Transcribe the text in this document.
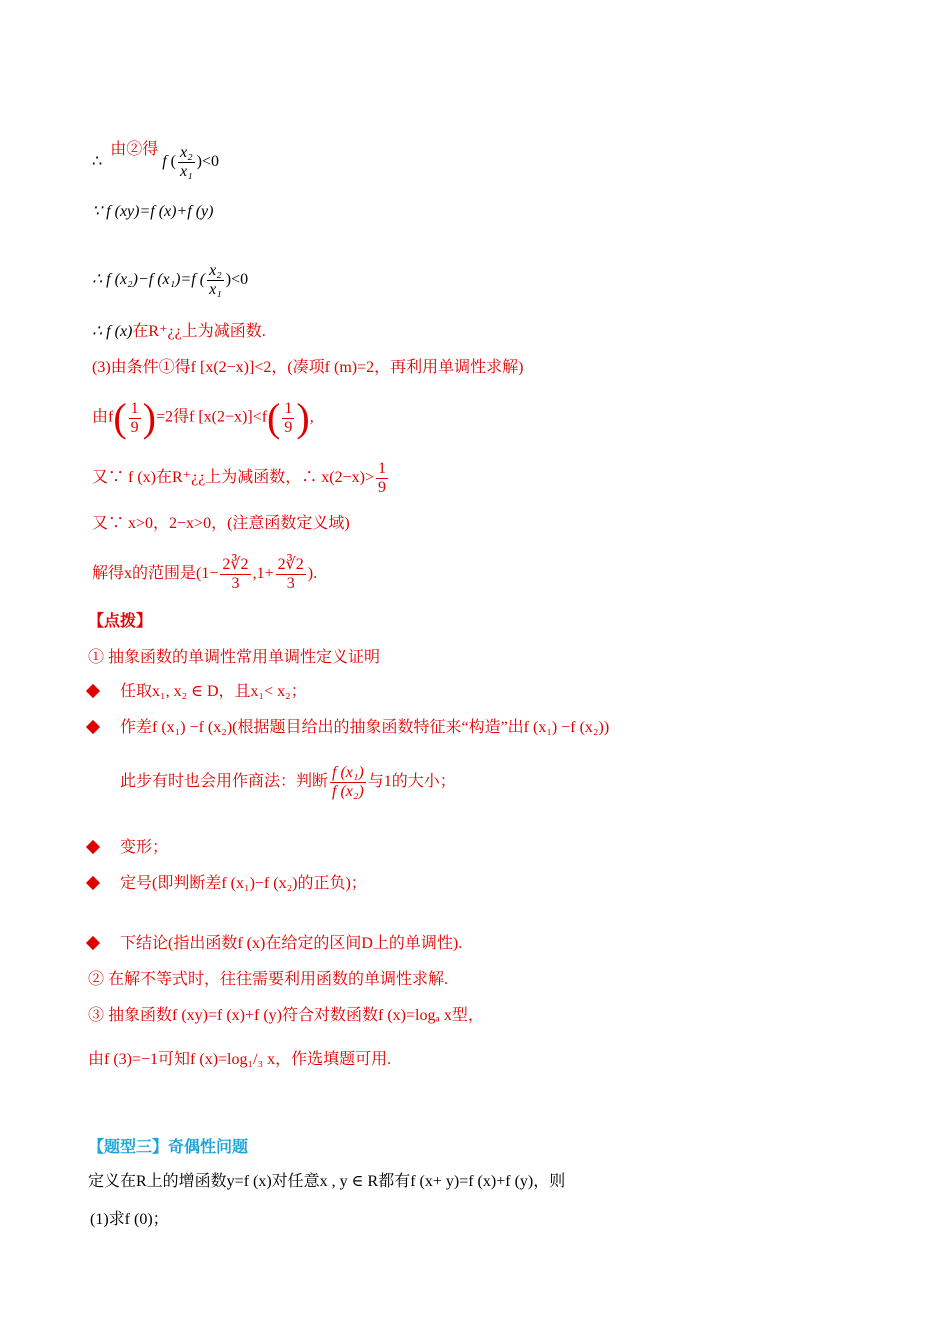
∴ 由②得 f ( $\frac{\text{x₂}}{\text{x₁}} )<0$
∵ f (xy)=f (x)+f (y)
∴ f (x₂)−f (x₁)=f ( $\frac{\text{x₂}}{\text{x₁}} )<0$
∴ f (x)在R⁺¿¿上为减函数.
(3)由条件①得f [x(2−x)]<2，(凑项f (m)=2，再利用单调性求解)
由$f( \frac{1}{9} )=2$得f $[x(2-x)]<f( \frac{1}{9}$ ),
又∵ f (x)在R⁺¿¿上为减函数，∴ $x(2-x)> \frac{1}{9}$
又∵ x>0，2−x>0，(注意函数定义域)
解得x的范围是($1- \frac{2∛2}{3} ,1+ \frac{2∛2}{3}$ ).
【点拨】
① 抽象函数的单调性常用单调性定义证明
任取x₁, x₂ ∈ D，且x₁< x₂；
作差f (x₁) −f (x₂)(根据题目给出的抽象函数特征来“构造”出f (x₁) −f (x₂))
此步有时也会用作商法：判断 $\frac{\text{f (x₁)}}{\text{f (x₂)}}$ 与1的大小；
变形；
定号(即判断差f (x₁)−f (x₂)的正负)；
下结论(指出函数f (x)在给定的区间D上的单调性).
② 在解不等式时，往往需要利用函数的单调性求解.
③ 抽象函数f (xy)=f (x)+f (y)符合对数函数f (x)=logₐ x型，
由f (3)=−1可知f (x)=log₁/₃ x，作选填题可用.
【题型三】奇偶性问题
定义在R上的增函数y=f (x)对任意x , y ∈ R都有f (x+ y)=f (x)+f (y)，则
(1)求f (0)；
